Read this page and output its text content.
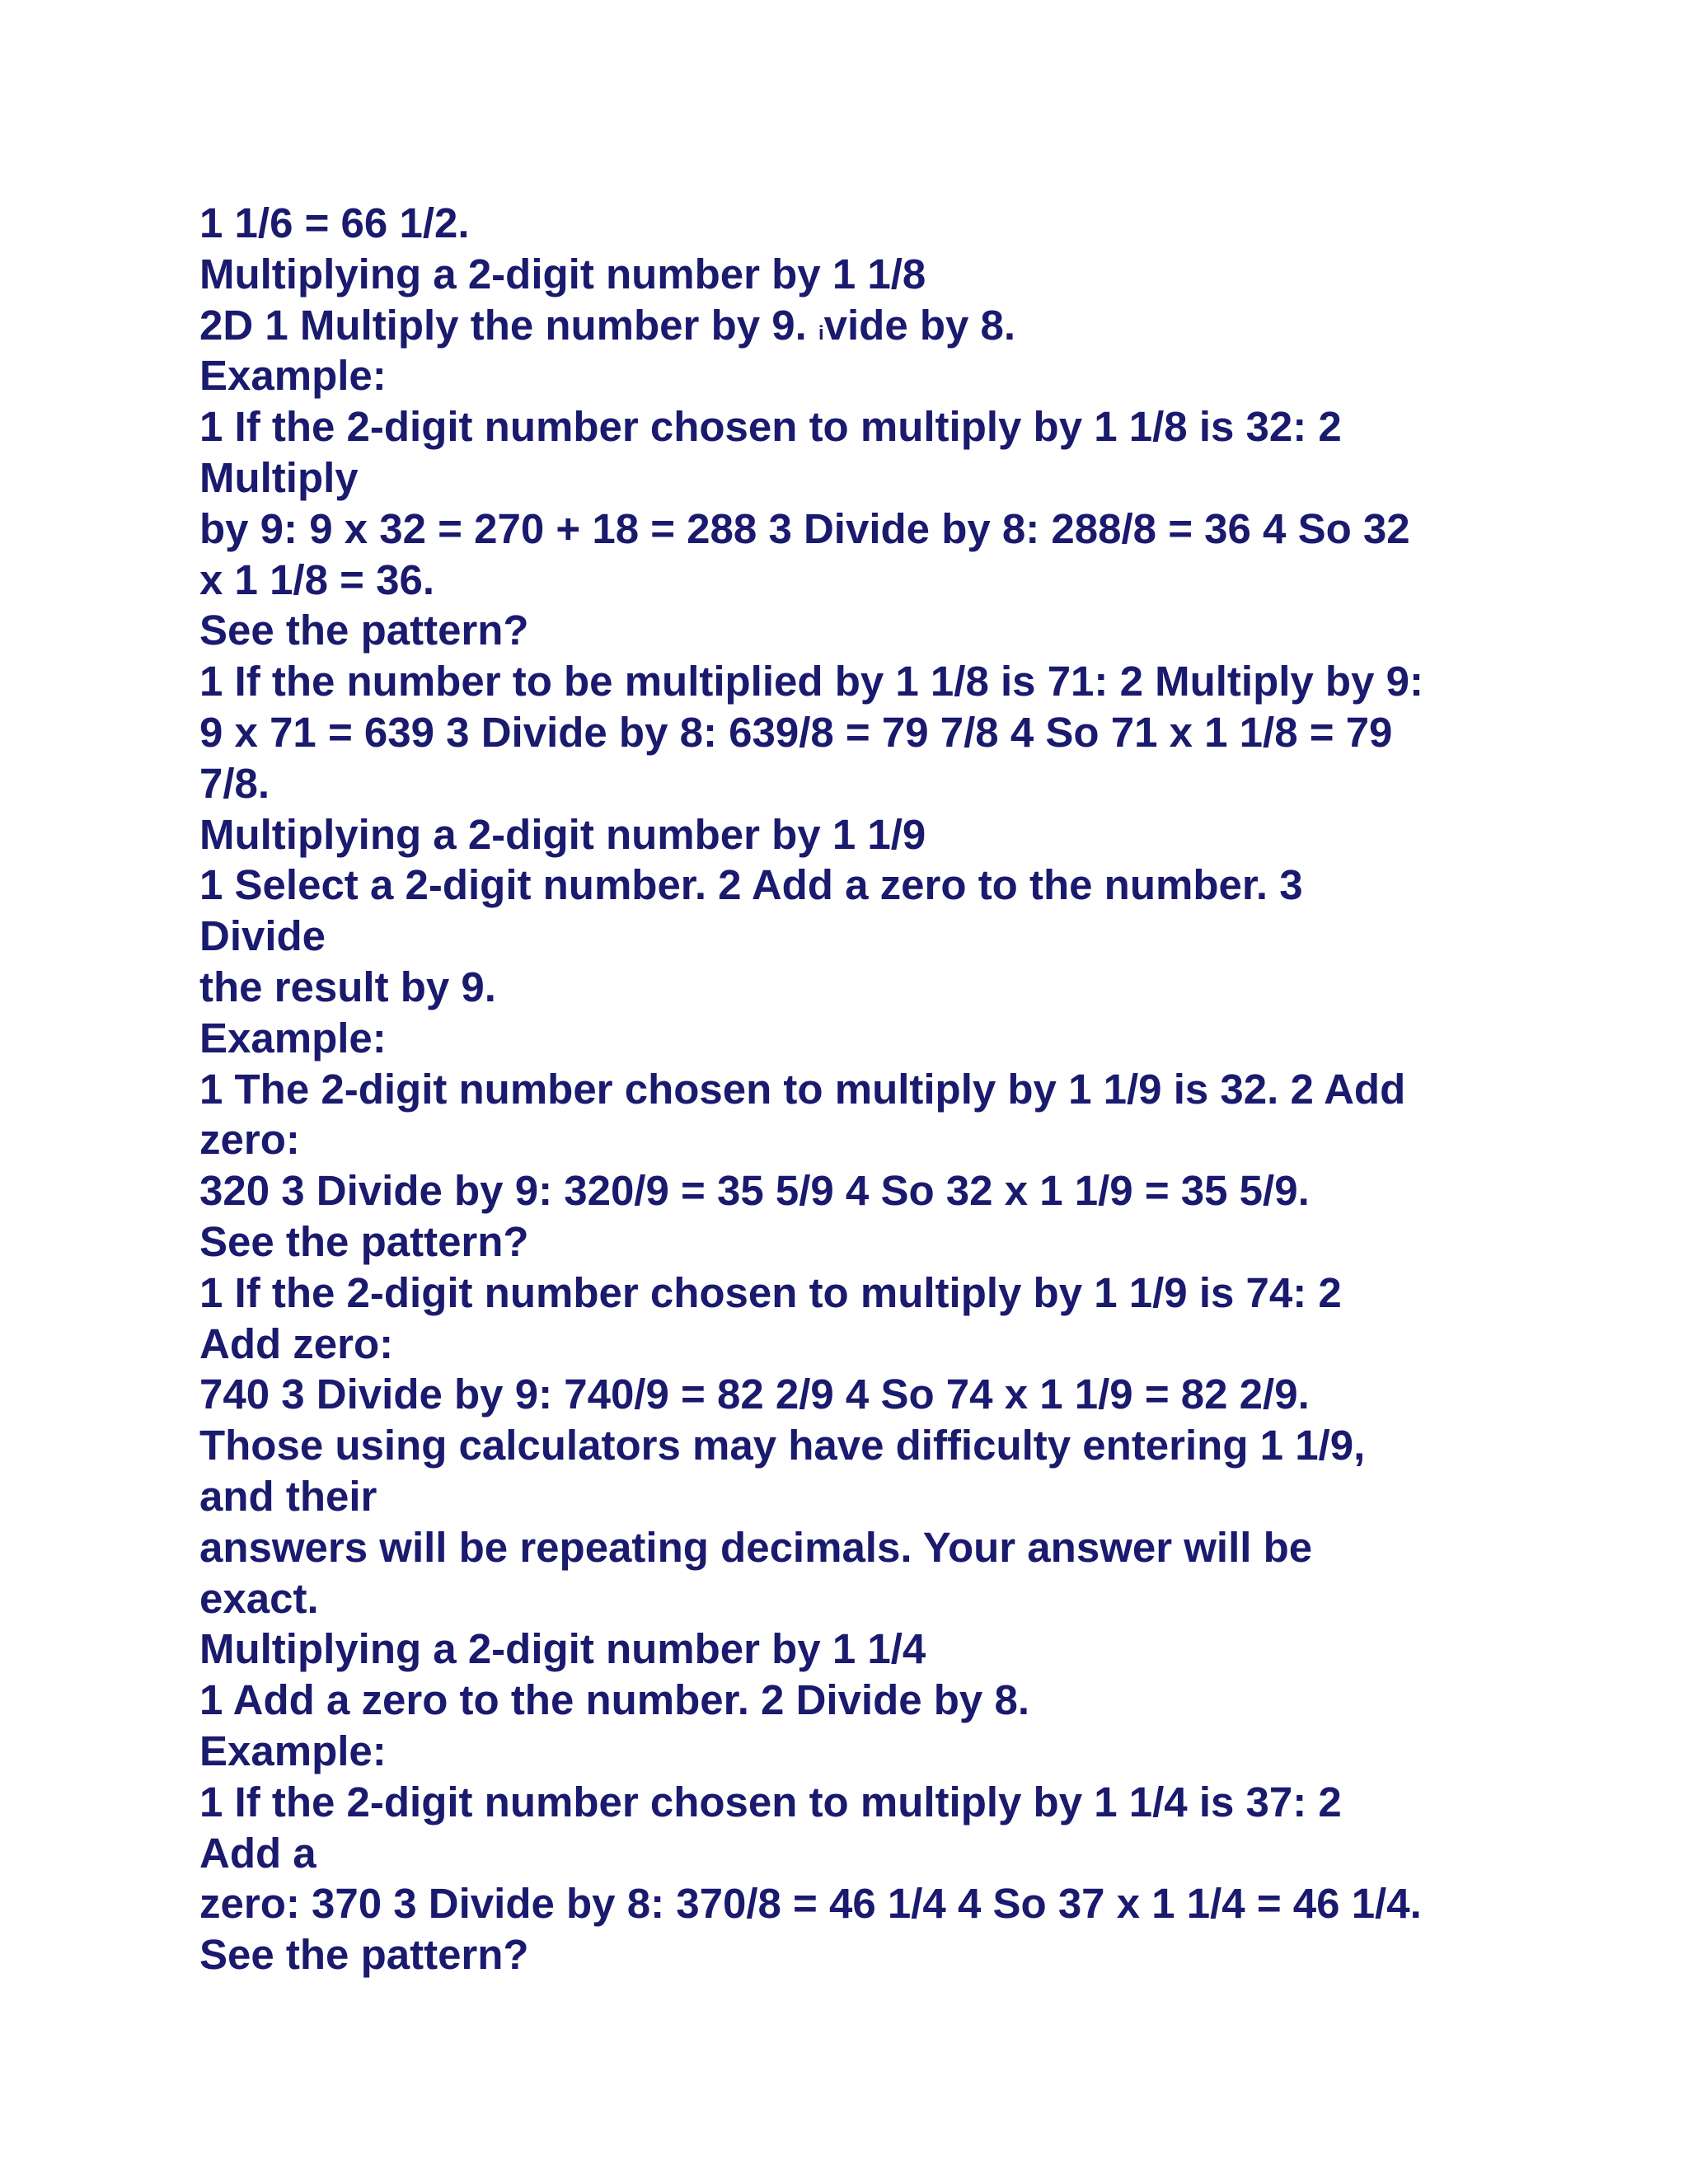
1 1/6 = 66 1/2.

Multiplying a 2-digit number by 1 1/8

2D 1 Multiply the number by 9. ivide by 8.

Example:

1 If the 2-digit number chosen to multiply by 1 1/8 is 32: 2

Multiply

by 9: 9 x 32 = 270 + 18 = 288 3 Divide by 8: 288/8 = 36 4 So 32

x 1 1/8 = 36.

See the pattern?

1 If the number to be multiplied by 1 1/8 is 71: 2 Multiply by 9:

9 x 71 = 639 3 Divide by 8: 639/8 = 79 7/8 4 So 71 x 1 1/8 = 79

7/8.

Multiplying a 2-digit number by 1 1/9

1 Select a 2-digit number. 2 Add a zero to the number. 3

Divide

the result by 9.

Example:

1 The 2-digit number chosen to multiply by 1 1/9 is 32. 2 Add

zero:

320 3 Divide by 9: 320/9 = 35 5/9 4 So 32 x 1 1/9 = 35 5/9.

See the pattern?

1 If the 2-digit number chosen to multiply by 1 1/9 is 74: 2

Add zero:

740 3 Divide by 9: 740/9 = 82 2/9 4 So 74 x 1 1/9 = 82 2/9.

Those using calculators may have difficulty entering 1 1/9,

and their

answers will be repeating decimals. Your answer will be

exact.

Multiplying a 2-digit number by 1 1/4

1 Add a zero to the number. 2 Divide by 8.

Example:

1 If the 2-digit number chosen to multiply by 1 1/4 is 37: 2

Add a

zero: 370 3 Divide by 8: 370/8 = 46 1/4 4 So 37 x 1 1/4 = 46 1/4.

See the pattern?
